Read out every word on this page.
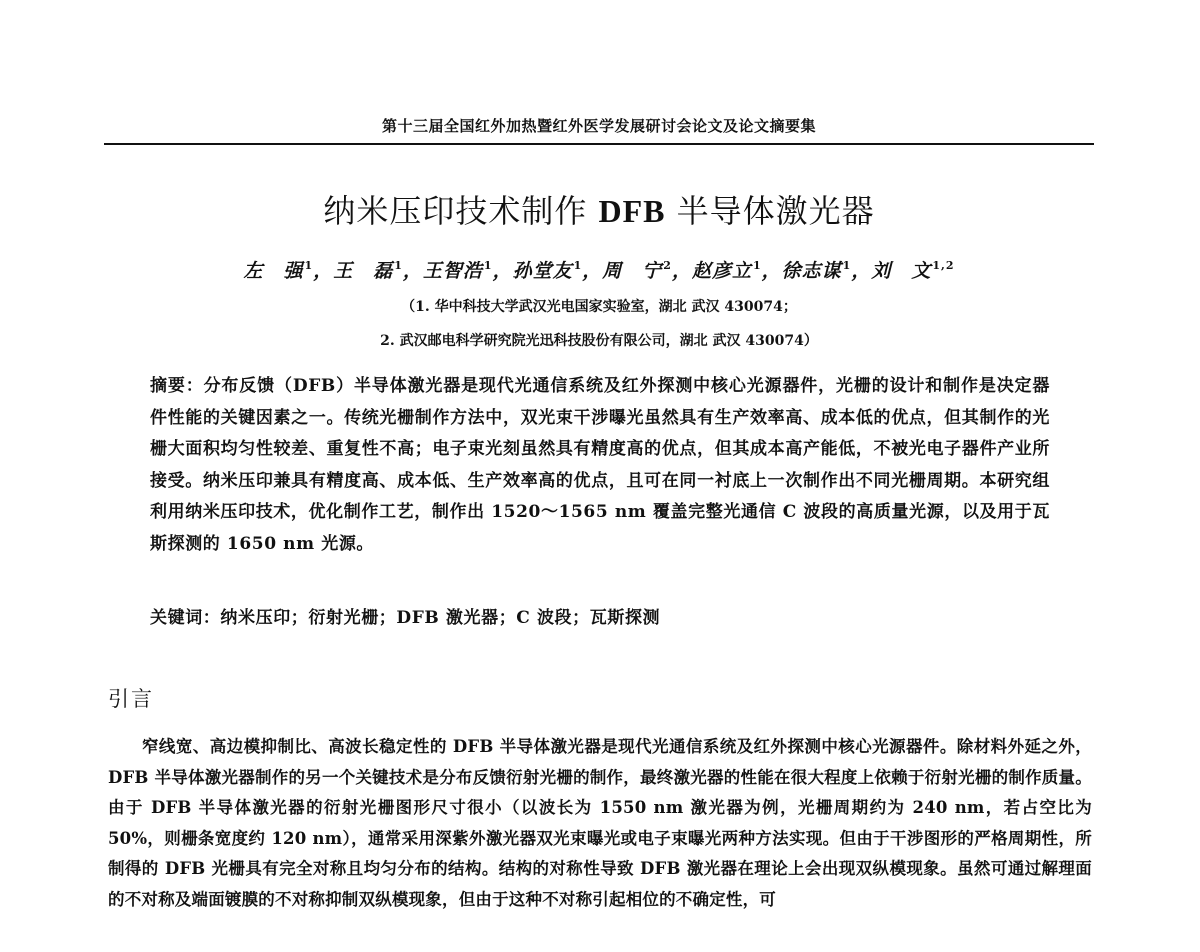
第十三届全国红外加热暨红外医学发展研讨会论文及论文摘要集
纳米压印技术制作 DFB 半导体激光器
左　强$^1$，王　磊$^1$，王智浩$^1$，孙堂友$^1$，周　宁$^2$，赵彦立$^1$，徐志谋$^1$，刘　文$^{1,2}$
（1. 华中科技大学武汉光电国家实验室，湖北 武汉 430074；
2. 武汉邮电科学研究院光迅科技股份有限公司，湖北 武汉 430074）
摘要：分布反馈（DFB）半导体激光器是现代光通信系统及红外探测中核心光源器件，光栅的设计和制作是决定器件性能的关键因素之一。传统光栅制作方法中，双光束干涉曝光虽然具有生产效率高、成本低的优点，但其制作的光栅大面积均匀性较差、重复性不高；电子束光刻虽然具有精度高的优点，但其成本高产能低，不被光电子器件产业所接受。纳米压印兼具有精度高、成本低、生产效率高的优点，且可在同一衬底上一次制作出不同光栅周期。本研究组利用纳米压印技术，优化制作工艺，制作出 1520～1565 nm 覆盖完整光通信 C 波段的高质量光源，以及用于瓦斯探测的 1650 nm 光源。
关键词：纳米压印；衍射光栅；DFB 激光器；C 波段；瓦斯探测
引言
窄线宽、高边模抑制比、高波长稳定性的 DFB 半导体激光器是现代光通信系统及红外探测中核心光源器件。除材料外延之外，DFB 半导体激光器制作的另一个关键技术是分布反馈衍射光栅的制作，最终激光器的性能在很大程度上依赖于衍射光栅的制作质量。由于 DFB 半导体激光器的衍射光栅图形尺寸很小（以波长为 1550 nm 激光器为例，光栅周期约为 240 nm，若占空比为 50%，则栅条宽度约 120 nm），通常采用深紫外激光器双光束曝光或电子束曝光两种方法实现。但由于干涉图形的严格周期性，所制得的 DFB 光栅具有完全对称且均匀分布的结构。结构的对称性导致 DFB 激光器在理论上会出现双纵模现象。虽然可通过解理面的不对称及端面镀膜的不对称抑制双纵模现象，但由于这种不对称引起相位的不确定性，可
